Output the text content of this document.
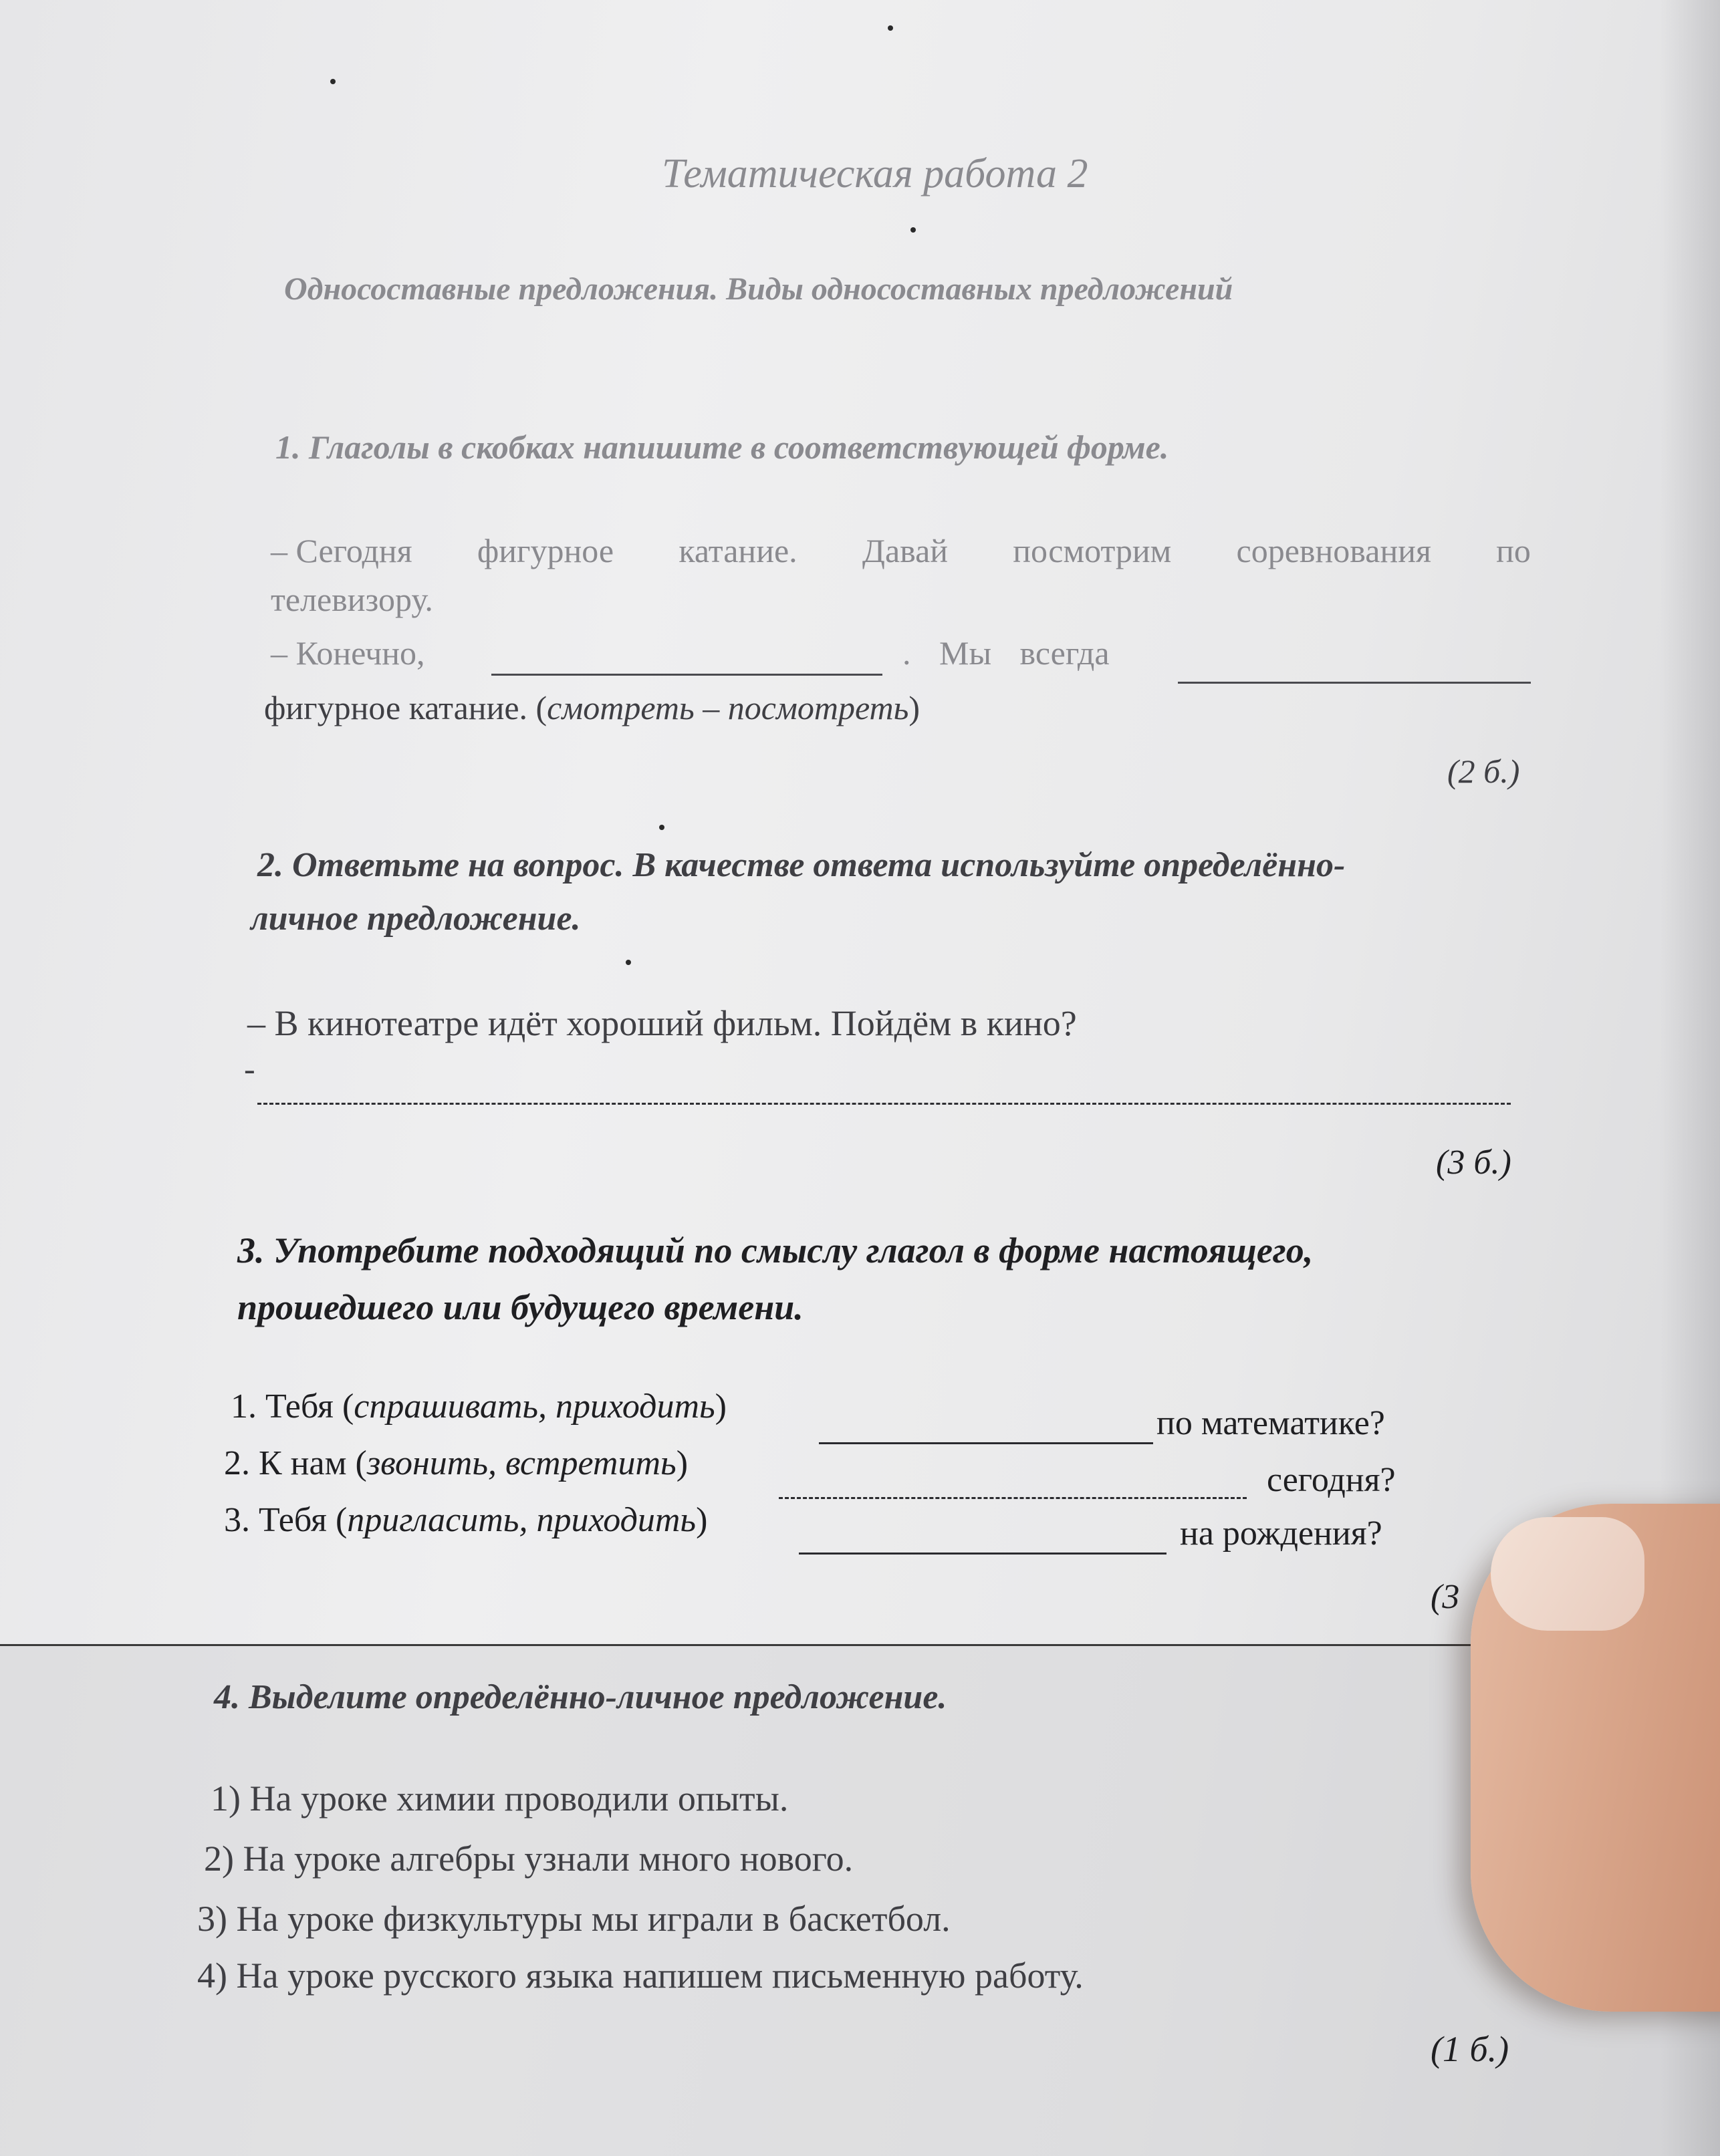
Тематическая работа 2
Односоставные предложения. Виды односоставных предложений
1. Глаголы в скобках напишите в соответствующей форме.
– Сегодня фигурное катание. Давай посмотрим соревнования по
телевизору.
– Конечно,	. Мы всегда
фигурное катание. (смотреть – посмотреть)
(2 б.)
2. Ответьте на вопрос. В качестве ответа используйте определённо-
личное предложение.
– В кинотеатре идёт хороший фильм. Пойдём в кино?
-
(3 б.)
3. Употребите подходящий по смыслу глагол в форме настоящего,
прошедшего или будущего времени.
1. Тебя (спрашивать, приходить)	по математике?
2. К нам (звонить, встретить)	сегодня?
3. Тебя (пригласить, приходить)	на рождения?
(3
4. Выделите определённо-личное предложение.
1) На уроке химии проводили опыты.
2) На уроке алгебры узнали много нового.
3) На уроке физкультуры мы играли в баскетбол.
4) На уроке русского языка напишем письменную работу.
(1 б.)
